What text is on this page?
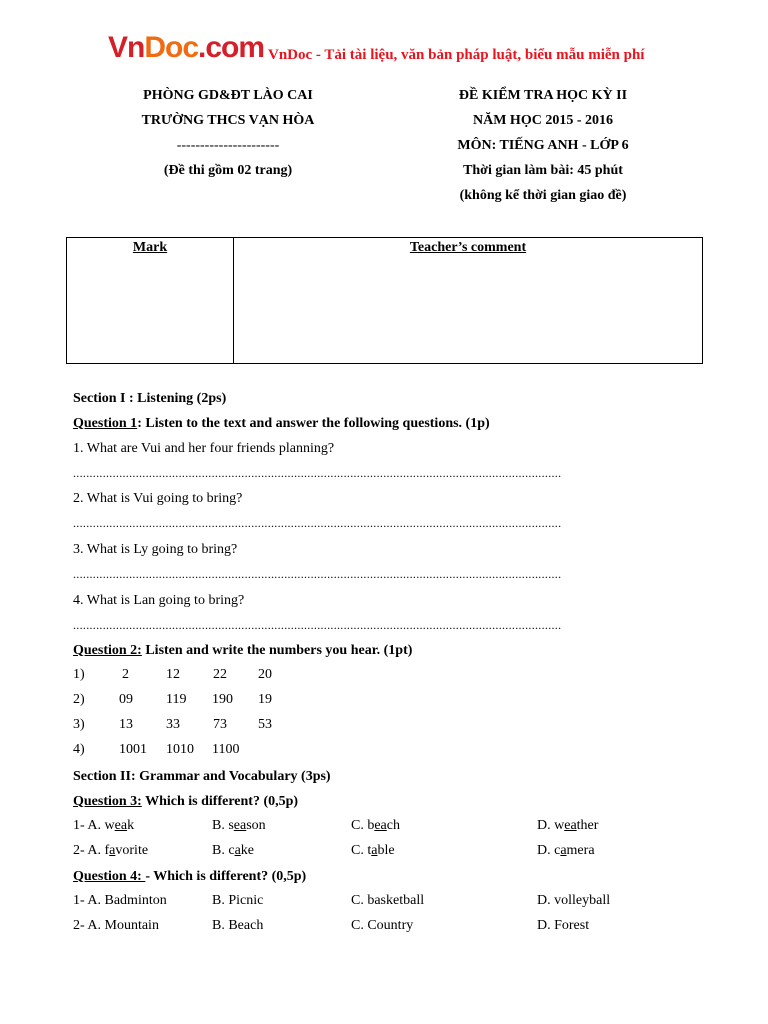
VnDoc.com VnDoc - Tải tài liệu, văn bản pháp luật, biểu mẫu miễn phí
PHÒNG GD&ĐT LÀO CAI
TRƯỜNG THCS VẠN HÒA
----------------------
(Đề thi gồm 02 trang)
ĐỀ KIỂM TRA HỌC KỲ II
NĂM HỌC 2015 - 2016
MÔN: TIẾNG ANH - LỚP 6
Thời gian làm bài: 45 phút
(không kể thời gian giao đề)
Mark	Teacher’s comment
Section I : Listening (2ps)
Question 1: Listen to the text and answer the following questions. (1p)
1. What are Vui and her four friends planning?
....................................................................................................................................................
2. What is Vui going to bring?
....................................................................................................................................................
3. What is Ly going to bring?
....................................................................................................................................................
4. What is Lan going to bring?
....................................................................................................................................................
Question 2: Listen and write the numbers you hear. (1pt)
1)	2	12 22 20
2) 09 119 190 19
3) 13 33 73 53
4) 1001 1010 1100
Section II: Grammar and Vocabulary (3ps)
Question 3: Which is different? (0,5p)
1- A. weak	B. season	C. beach	D. weather
2- A. favorite	B. cake	C. table	D. camera
Question 4: - Which is different? (0,5p)
1- A. Badminton	B. Picnic	C. basketball	D. volleyball
2- A. Mountain	B. Beach	C. Country	D. Forest
